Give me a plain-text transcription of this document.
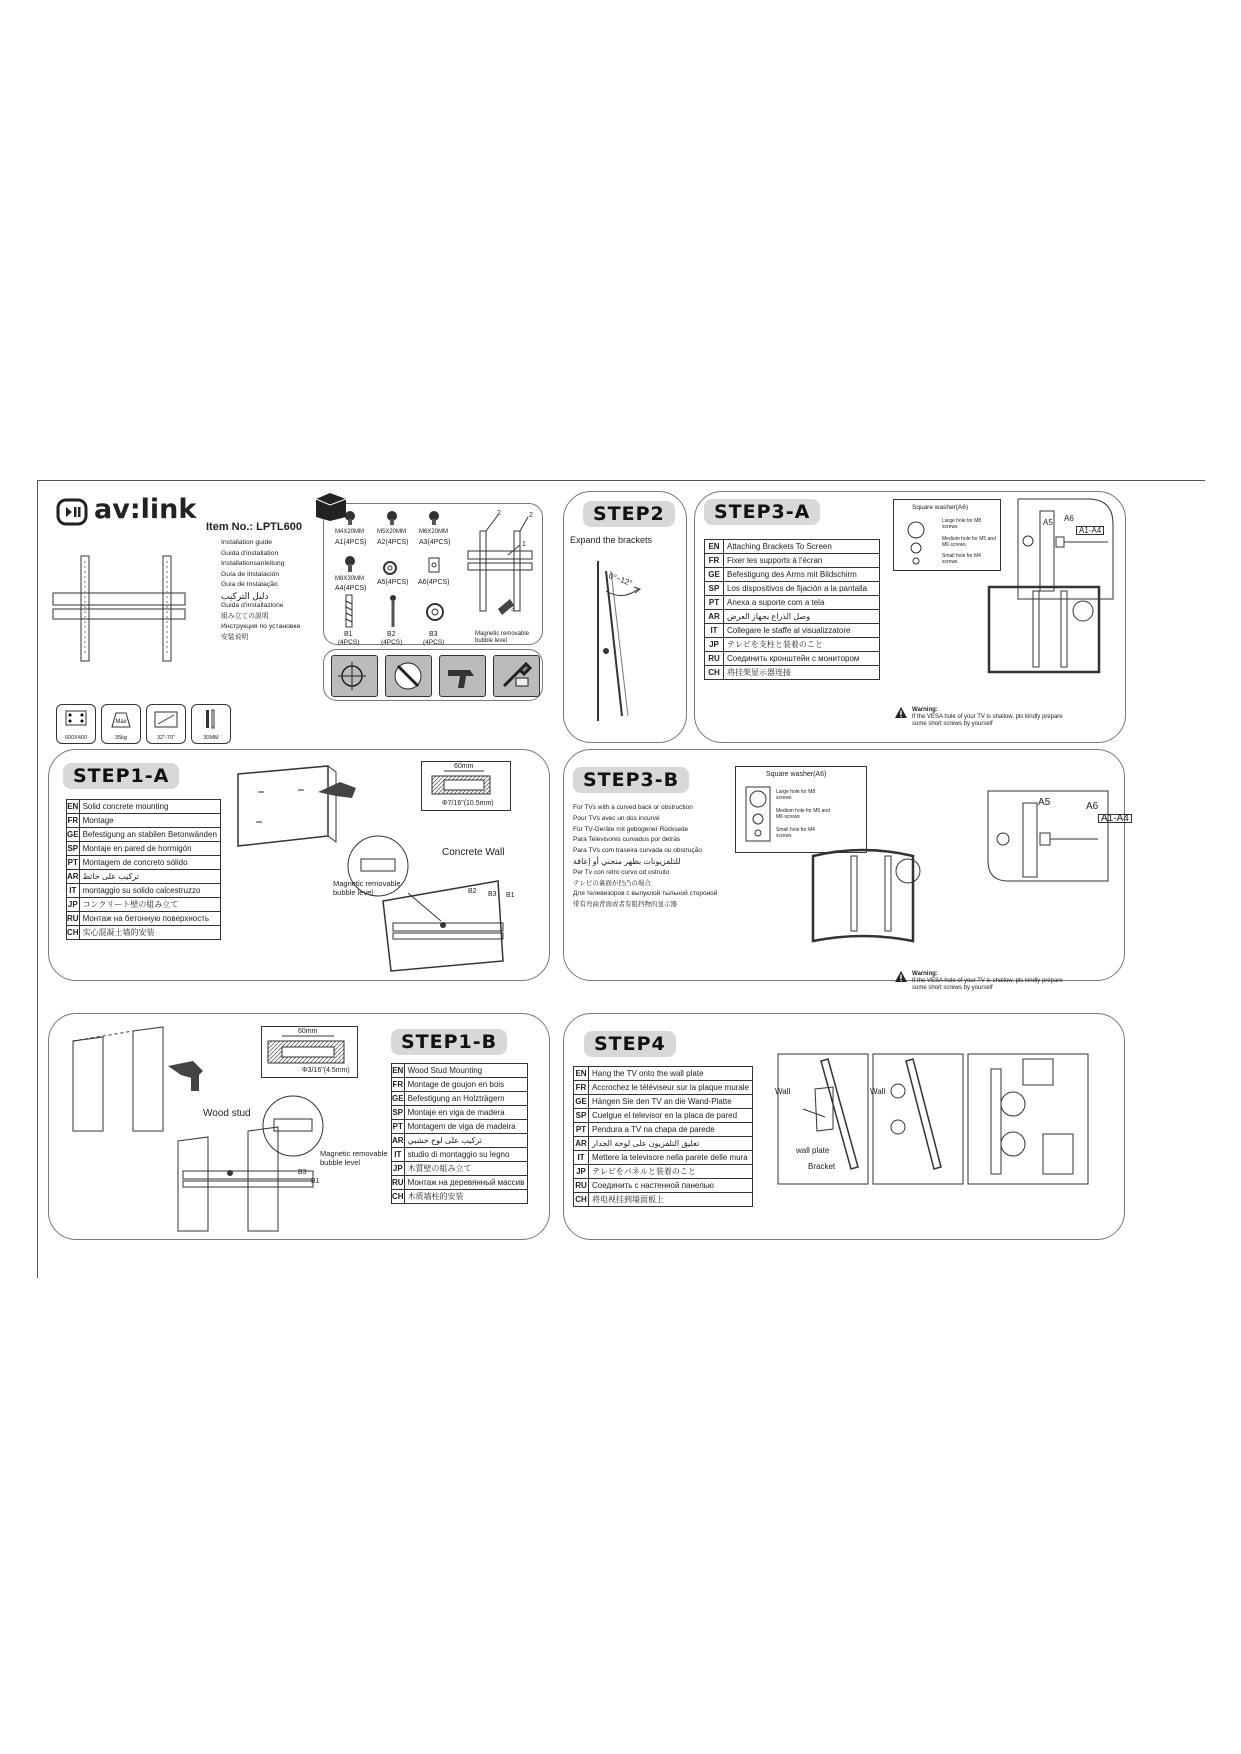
av:link
Item No.: LPTL600
Installation guide
Guida d'installation
Installationsanleitung
Guía de instalación
Guia de Instalação
دليل التركيب
Guida d'installazione
組み立ての説明
Инструкция по установке
安装说明
600X400
Max
35kg	32"-70"	30MM
M4X20MM M5X20MM M6X20MM
A1(4PCS) A2(4PCS) A3(4PCS)
M8X30MM
A4(4PCS)
A5(4PCS) A6(4PCS)
B1	B2	B3
(4PCS)	(4PCS)	(4PCS)
2	2
1
3
Magnetic removable bubble level
STEP2
Expand the brackets
0°~12°
STEP3-A
EN	Attaching Brackets To Screen
FR	Fixer les supports à l'écran
GE	Befestigung des Arms mit Bildschirm
SP	Los dispositivos de fijación a la pantalla
PT	Anexa a suporte com a tela
AR	وصل الذراع بجهاز العرض
IT	Collegare le staffe al visualizzatore
JP	テレビを支柱と装着のこと
RU	Соединить кронштейн с монитором
CH	将挂架显示器连接
Square washer(A6)
Large hole for M8 screws
Medium hole for M5 and M6 screws
Small hole for M4 screws
A5 A6
A1-A4
Warning:
If the VESA hole of your TV is shallow, pls kindly prepare some short screws by yourself
STEP1-A
EN	Solid concrete mounting
FR	Montage
GE	Befestigung an stabilen Betonwänden
SP	Montaje en pared de hormigón
PT	Montagem de concreto sólido
AR	تركيب على حائط
IT	montaggio su solido calcestruzzo
JP	コンクリート壁の組み立て
RU	Монтаж на бетонную поверхность
CH	实心混凝土墙的安装
60mm
Φ7/16"(10.5mm)
Concrete Wall
Magnetic removable bubble level	B2 B3 B1
STEP3-B
For TVs with a curved back or obstruction
Pour TVs avec un dos incurvé
Für TV-Geräte mit gebogener Rückseite
Para Televisores curvados por detrás
Para TVs com traseira curvada ou obstrução
للتلفزيونات بظهر منحني أو إعاقة
Per Tv con retro curvo od ostruito
テレビの裏面が凹凸の場合
Для телевизоров с выпуклой тыльной стороной
带有弯曲背面或者有阻挡物的显示器
Square washer(A6)
Large hole for M8 screws
Medium hole for M5 and M6 screws
Small hole for M4 screws
A5	A6
A1-A4
Warning:
If the VESA hole of your TV is shallow, pls kindly prepare some short screws by yourself
STEP1-B
EN	Wood Stud Mounting
FR	Montage de goujon en bois
GE	Befestigung an Holzträgern
SP	Montaje en viga de madera
PT	Montagem de viga de madeira
AR	تركيب على لوح خشبي
IT	studio di montaggio su legno
JP	木質壁の組み立て
RU	Монтаж на деревянный массив
CH	木质墙柱的安装
Wood stud
60mm
Φ3/16"(4.5mm)
Magnetic removable bubble level
B3
B1
STEP4
EN	Hang the TV onto the wall plate
FR	Accrochez le téléviseur sur la plaque murale
GE	Hängen Sie den TV an die Wand-Platte
SP	Cuelgue el televisor en la placa de pared
PT	Pendura a TV na chapa de parede
AR	تعليق التلفزيون على لوحة الجدار
IT	Mettere la televisore nella parete delle mura
JP	テレビをパネルと装着のこと
RU	Соединить с настенной панелью
CH	将电视挂到墙面板上
Wall	Wall
wall plate
Bracket
